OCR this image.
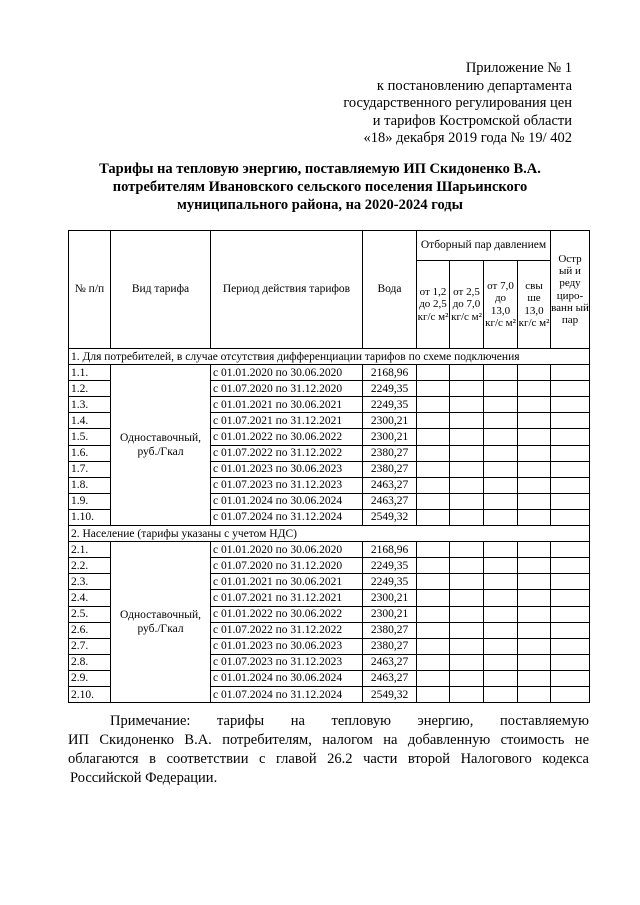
Приложение № 1
к постановлению департамента
государственного регулирования цен
и тарифов Костромской области
«18» декабря 2019 года № 19/ 402
Тарифы на тепловую энергию, поставляемую ИП Скидоненко В.А.
потребителям Ивановского сельского поселения Шарьинского
муниципального района, на 2020-2024 годы
№ п/п	Вид тарифа	Период действия тарифов	Вода	Отборный пар давлением				Остр ый и реду циро- ванн ый пар
				от 1,2 до 2,5 кг/с м²	от 2,5 до 7,0 кг/с м²	от 7,0 до 13,0 кг/с м²	свы ше 13,0 кг/с м²	
1. Для потребителей, в случае отсутствия дифференциации тарифов по схеме подключения								
1.1.	Одноставочный, руб./Гкал	с 01.01.2020 по 30.06.2020	2168,96					
1.2.		с 01.07.2020 по 31.12.2020	2249,35					
1.3.		с 01.01.2021 по 30.06.2021	2249,35					
1.4.		с 01.07.2021 по 31.12.2021	2300,21					
1.5.		с 01.01.2022 по 30.06.2022	2300,21					
1.6.		с 01.07.2022 по 31.12.2022	2380,27					
1.7.		с 01.01.2023 по 30.06.2023	2380,27					
1.8.		с 01.07.2023 по 31.12.2023	2463,27					
1.9.		с 01.01.2024 по 30.06.2024	2463,27					
1.10.		с 01.07.2024 по 31.12.2024	2549,32					
2. Население (тарифы указаны с учетом НДС)								
2.1.	Одноставочный, руб./Гкал	с 01.01.2020 по 30.06.2020	2168,96					
2.2.		с 01.07.2020 по 31.12.2020	2249,35					
2.3.		с 01.01.2021 по 30.06.2021	2249,35					
2.4.		с 01.07.2021 по 31.12.2021	2300,21					
2.5.		с 01.01.2022 по 30.06.2022	2300,21					
2.6.		с 01.07.2022 по 31.12.2022	2380,27					
2.7.		с 01.01.2023 по 30.06.2023	2380,27					
2.8.		с 01.07.2023 по 31.12.2023	2463,27					
2.9.		с 01.01.2024 по 30.06.2024	2463,27					
2.10.		с 01.07.2024 по 31.12.2024	2549,32					

Примечание: тарифы на тепловую энергию, поставляемую

ИП Скидоненко В.А. потребителям, налогом на добавленную стоимость не

облагаются в соответствии с главой 26.2 части второй Налогового кодекса

Российской Федерации.
